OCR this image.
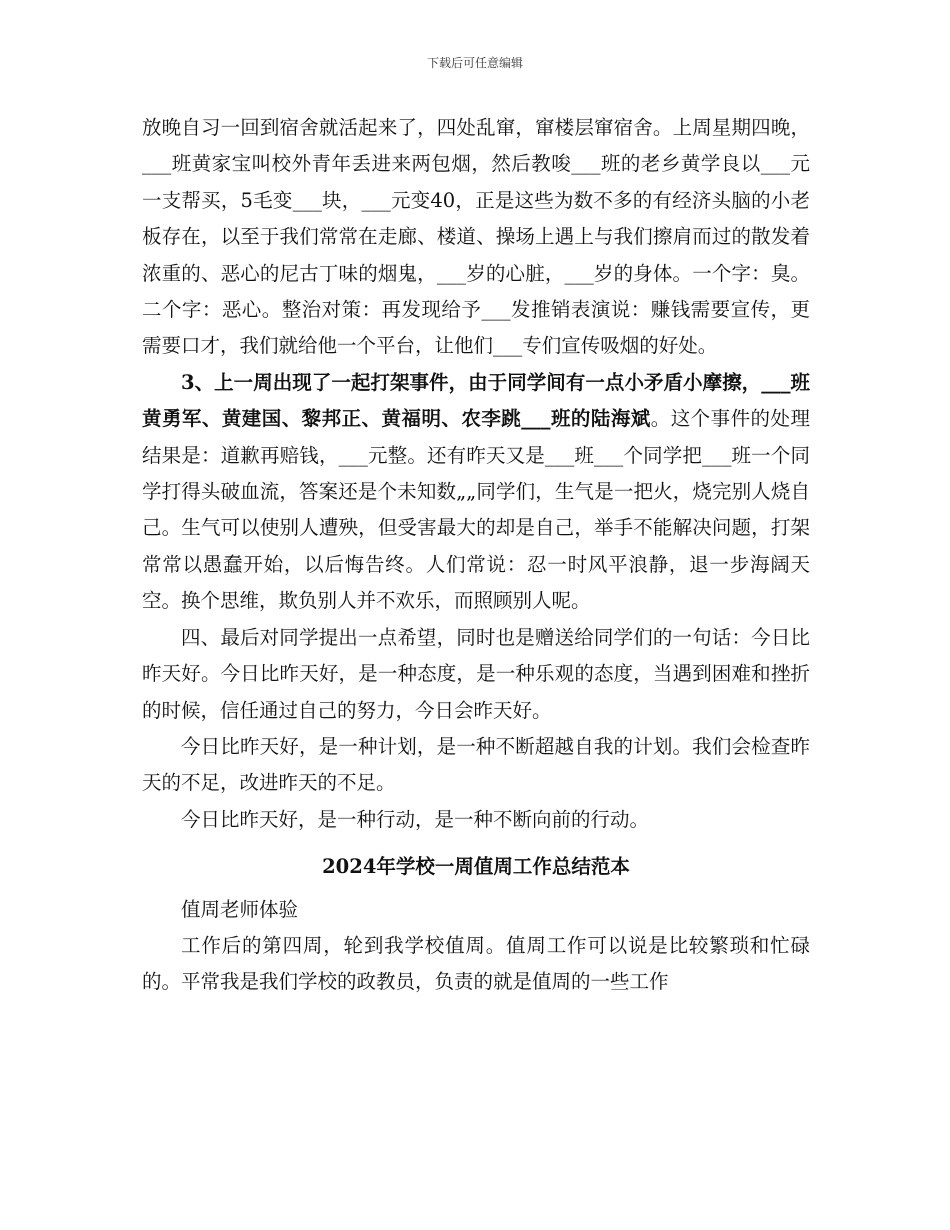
下载后可任意编辑

放晚自习一回到宿舍就活起来了，四处乱窜，窜楼层窜宿舍。上周星期四晚，___班黄家宝叫校外青年丢进来两包烟，然后教唆___班的老乡黄学良以___元一支帮买，5毛变___块，___元变40，正是这些为数不多的有经济头脑的小老板存在，以至于我们常常在走廊、楼道、操场上遇上与我们擦肩而过的散发着浓重的、恶心的尼古丁味的烟鬼，___岁的心脏，___岁的身体。一个字：臭。二个字：恶心。整治对策：再发现给予___发推销表演说：赚钱需要宣传，更需要口才，我们就给他一个平台，让他们___专们宣传吸烟的好处。

3、上一周出现了一起打架事件，由于同学间有一点小矛盾小摩擦，___班黄勇军、黄建国、黎邦正、黄福明、农李跳___班的陆海斌。这个事件的处理结果是：道歉再赔钱，___元整。还有昨天又是___班___个同学把___班一个同学打得头破血流，答案还是个未知数„„同学们，生气是一把火，烧完别人烧自己。生气可以使别人遭殃，但受害最大的却是自己，举手不能解决问题，打架常常以愚蠢开始，以后悔告终。人们常说：忍一时风平浪静，退一步海阔天空。换个思维，欺负别人并不欢乐，而照顾别人呢。

四、最后对同学提出一点希望，同时也是赠送给同学们的一句话：今日比昨天好。今日比昨天好，是一种态度，是一种乐观的态度，当遇到困难和挫折的时候，信任通过自己的努力，今日会昨天好。

今日比昨天好，是一种计划，是一种不断超越自我的计划。我们会检查昨天的不足，改进昨天的不足。

今日比昨天好，是一种行动，是一种不断向前的行动。

2024年学校一周值周工作总结范本

值周老师体验

工作后的第四周，轮到我学校值周。值周工作可以说是比较繁琐和忙碌的。平常我是我们学校的政教员，负责的就是值周的一些工作
